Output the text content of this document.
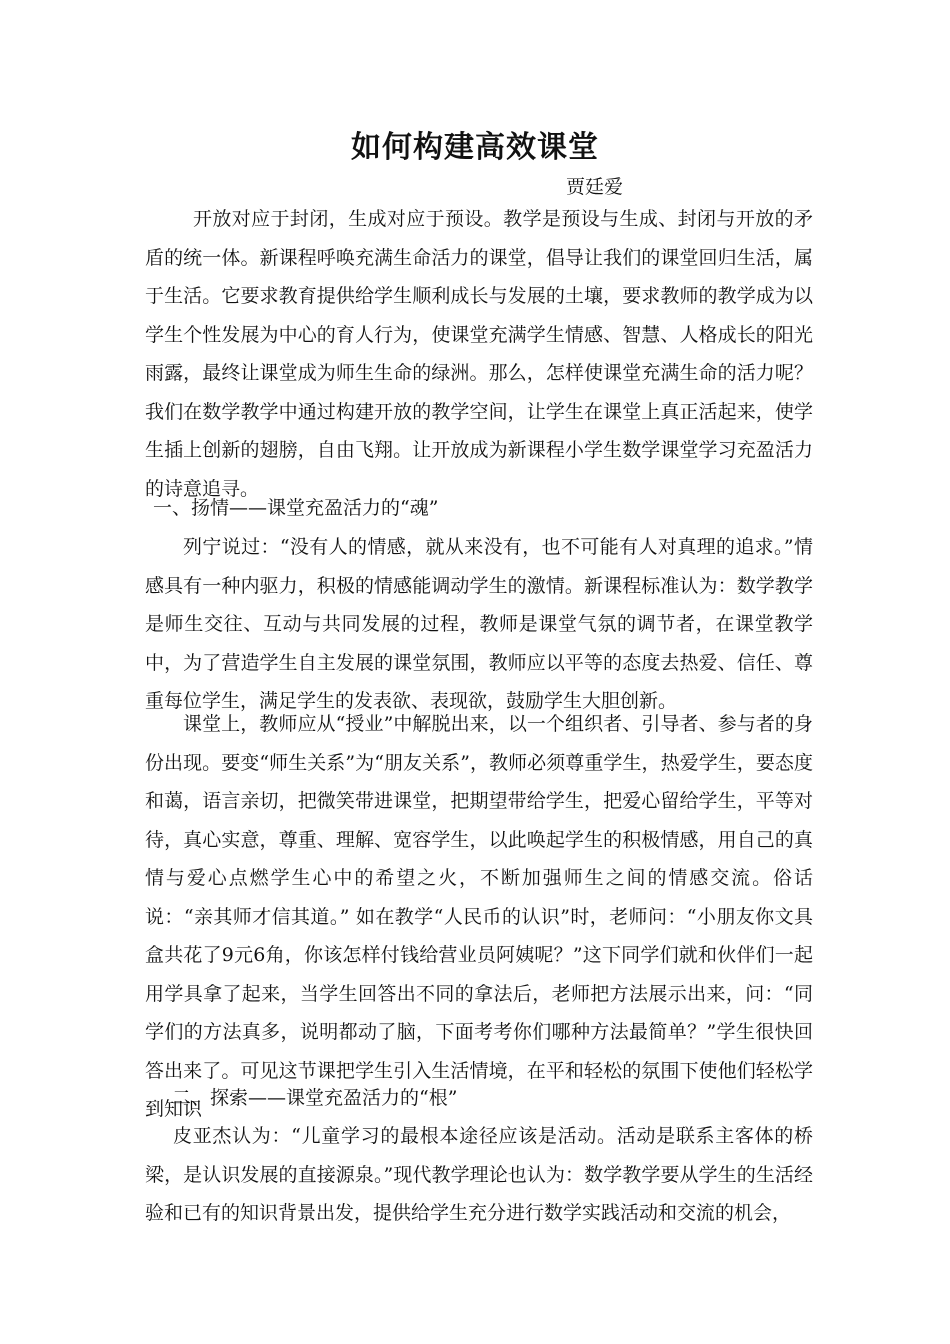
如何构建高效课堂
贾廷爱
开放对应于封闭，生成对应于预设。教学是预设与生成、封闭与开放的矛盾的统一体。新课程呼唤充满生命活力的课堂，倡导让我们的课堂回归生活，属于生活。它要求教育提供给学生顺利成长与发展的土壤，要求教师的教学成为以学生个性发展为中心的育人行为，使课堂充满学生情感、智慧、人格成长的阳光雨露，最终让课堂成为师生生命的绿洲。那么，怎样使课堂充满生命的活力呢？我们在数学教学中通过构建开放的教学空间，让学生在课堂上真正活起来，使学生插上创新的翅膀，自由飞翔。让开放成为新课程小学生数学课堂学习充盈活力的诗意追寻。
一、扬情——课堂充盈活力的“魂”
列宁说过：“没有人的情感，就从来没有，也不可能有人对真理的追求。”情感具有一种内驱力，积极的情感能调动学生的激情。新课程标准认为：数学教学是师生交往、互动与共同发展的过程，教师是课堂气氛的调节者，在课堂教学中，为了营造学生自主发展的课堂氛围，教师应以平等的态度去热爱、信任、尊重每位学生，满足学生的发表欲、表现欲，鼓励学生大胆创新。
课堂上，教师应从“授业”中解脱出来，以一个组织者、引导者、参与者的身份出现。要变“师生关系”为“朋友关系”，教师必须尊重学生，热爱学生，要态度和蔼，语言亲切，把微笑带进课堂，把期望带给学生，把爱心留给学生，平等对待，真心实意，尊重、理解、宽容学生，以此唤起学生的积极情感，用自己的真情与爱心点燃学生心中的希望之火，不断加强师生之间的情感交流。俗话说：“亲其师才信其道。” 如在教学“人民币的认识”时，老师问：“小朋友你文具盒共花了9元6角，你该怎样付钱给营业员阿姨呢？”这下同学们就和伙伴们一起用学具拿了起来，当学生回答出不同的拿法后，老师把方法展示出来，问：“同学们的方法真多，说明都动了脑，下面考考你们哪种方法最简单？”学生很快回答出来了。可见这节课把学生引入生活情境，在平和轻松的氛围下使他们轻松学到知识
二、探索——课堂充盈活力的“根”
皮亚杰认为：“儿童学习的最根本途径应该是活动。活动是联系主客体的桥梁，是认识发展的直接源泉。”现代教学理论也认为：数学教学要从学生的生活经验和已有的知识背景出发，提供给学生充分进行数学实践活动和交流的机会，
